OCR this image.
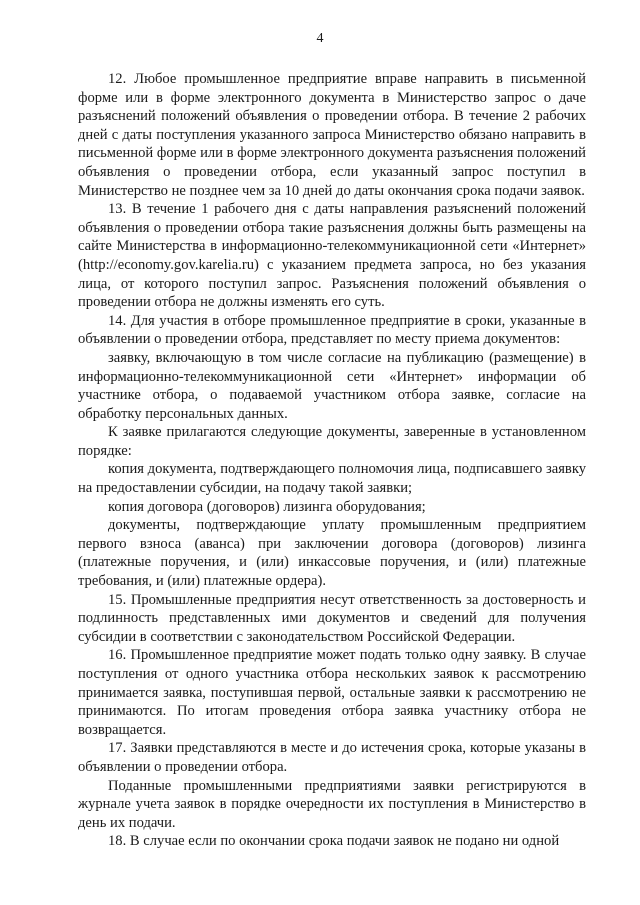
4

12. Любое промышленное предприятие вправе направить в письменной форме или в форме электронного документа в Министерство запрос о даче разъяснений положений объявления о проведении отбора. В течение 2 рабочих дней с даты поступления указанного запроса Министерство обязано направить в письменной форме или в форме электронного документа разъяснения положений объявления о проведении отбора, если указанный запрос поступил в Министерство не позднее чем за 10 дней до даты окончания срока подачи заявок.

13. В течение 1 рабочего дня с даты направления разъяснений положений объявления о проведении отбора такие разъяснения должны быть размещены на сайте Министерства в информационно-телекоммуникационной сети «Интернет» (http://economy.gov.karelia.ru) с указанием предмета запроса, но без указания лица, от которого поступил запрос. Разъяснения положений объявления о проведении отбора не должны изменять его суть.

14. Для участия в отборе промышленное предприятие в сроки, указанные в объявлении о проведении отбора, представляет по месту приема документов:

заявку, включающую в том числе согласие на публикацию (размещение) в информационно-телекоммуникационной сети «Интернет» информации об участнике отбора, о подаваемой участником отбора заявке, согласие на обработку персональных данных.

К заявке прилагаются следующие документы, заверенные в установленном порядке:

копия документа, подтверждающего полномочия лица, подписавшего заявку на предоставлении субсидии, на подачу такой заявки;

копия договора (договоров) лизинга оборудования;

документы, подтверждающие уплату промышленным предприятием первого взноса (аванса) при заключении договора (договоров) лизинга (платежные поручения, и (или) инкассовые поручения, и (или) платежные требования, и (или) платежные ордера).

15. Промышленные предприятия несут ответственность за достоверность и подлинность представленных ими документов и сведений для получения субсидии в соответствии с законодательством Российской Федерации.

16. Промышленное предприятие может подать только одну заявку. В случае поступления от одного участника отбора нескольких заявок к рассмотрению принимается заявка, поступившая первой, остальные заявки к рассмотрению не принимаются. По итогам проведения отбора заявка участнику отбора не возвращается.

17. Заявки представляются в месте и до истечения срока, которые указаны в объявлении о проведении отбора.

Поданные промышленными предприятиями заявки регистрируются в журнале учета заявок в порядке очередности их поступления в Министерство в день их подачи.

18. В случае если по окончании срока подачи заявок не подано ни одной
